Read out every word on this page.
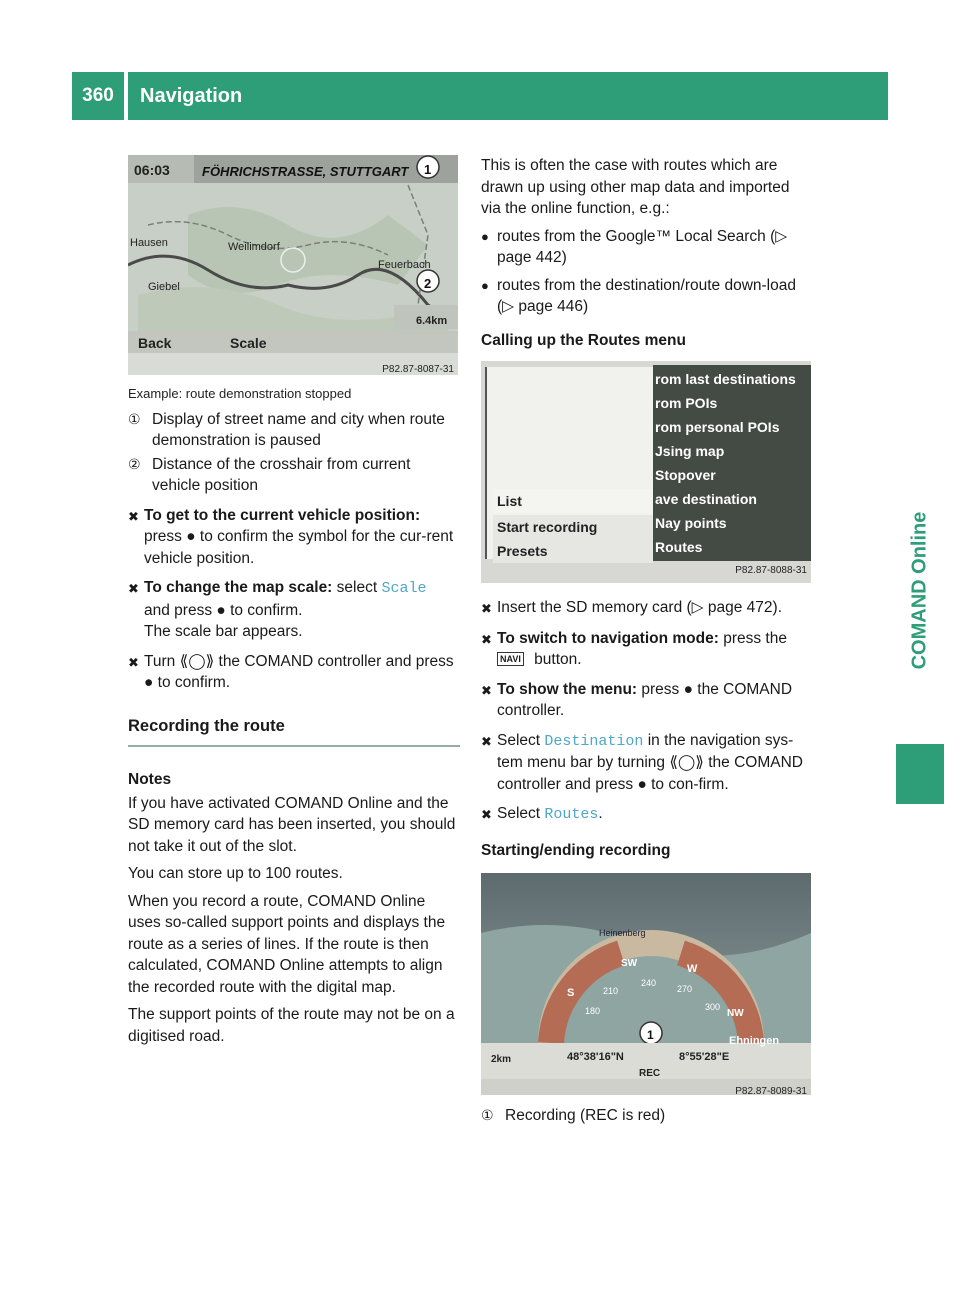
360	Navigation
COMAND Online
06:03 FÖHRICHSTRASSE, STUTTGART
Hausen	Weilimdorf
Feuerbach
Giebel
1
2
6.4km
Back	Scale
P82.87-8087-31
Example: route demonstration stopped
① Display of street name and city when route demonstration is paused
② Distance of the crosshair from current vehicle position
✖ To get to the current vehicle position:
press ● to confirm the symbol for the cur-rent vehicle position.
✖ To change the map scale: select Scale
and press ● to confirm.
The scale bar appears.
✖ Turn ⟪◯⟫ the COMAND controller and press ● to confirm.
Recording the route
Notes
If you have activated COMAND Online and the SD memory card has been inserted, you should not take it out of the slot.
You can store up to 100 routes.
When you record a route, COMAND Online uses so-called support points and displays the route as a series of lines. If the route is then calculated, COMAND Online attempts to align the recorded route with the digital map.
The support points of the route may not be on a digitised road.
This is often the case with routes which are drawn up using other map data and imported via the online function, e.g.:
● routes from the Google™ Local Search (▷ page 442)
● routes from the destination/route down-load (▷ page 446)
Calling up the Routes menu
List
Start recording
Presets
rom last destinations
rom POIs
rom personal POIs
Jsing map
Stopover
ave destination
Nay points
Routes
P82.87-8088-31
✖ Insert the SD memory card (▷ page 472).
✖ To switch to navigation mode: press the
NAVI button.
✖ To show the menu: press ● the COMAND controller.
✖ Select Destination in the navigation sys-tem menu bar by turning ⟪◯⟫ the COMAND controller and press ● to con-firm.
✖ Select Routes.
Starting/ending recording
Heinenberg
SW	W
S
NW
180
210
240
270
300
1	Ehningen
2km	48°38'16"N	8°55'28"E
REC
P82.87-8089-31
① Recording (REC is red)
